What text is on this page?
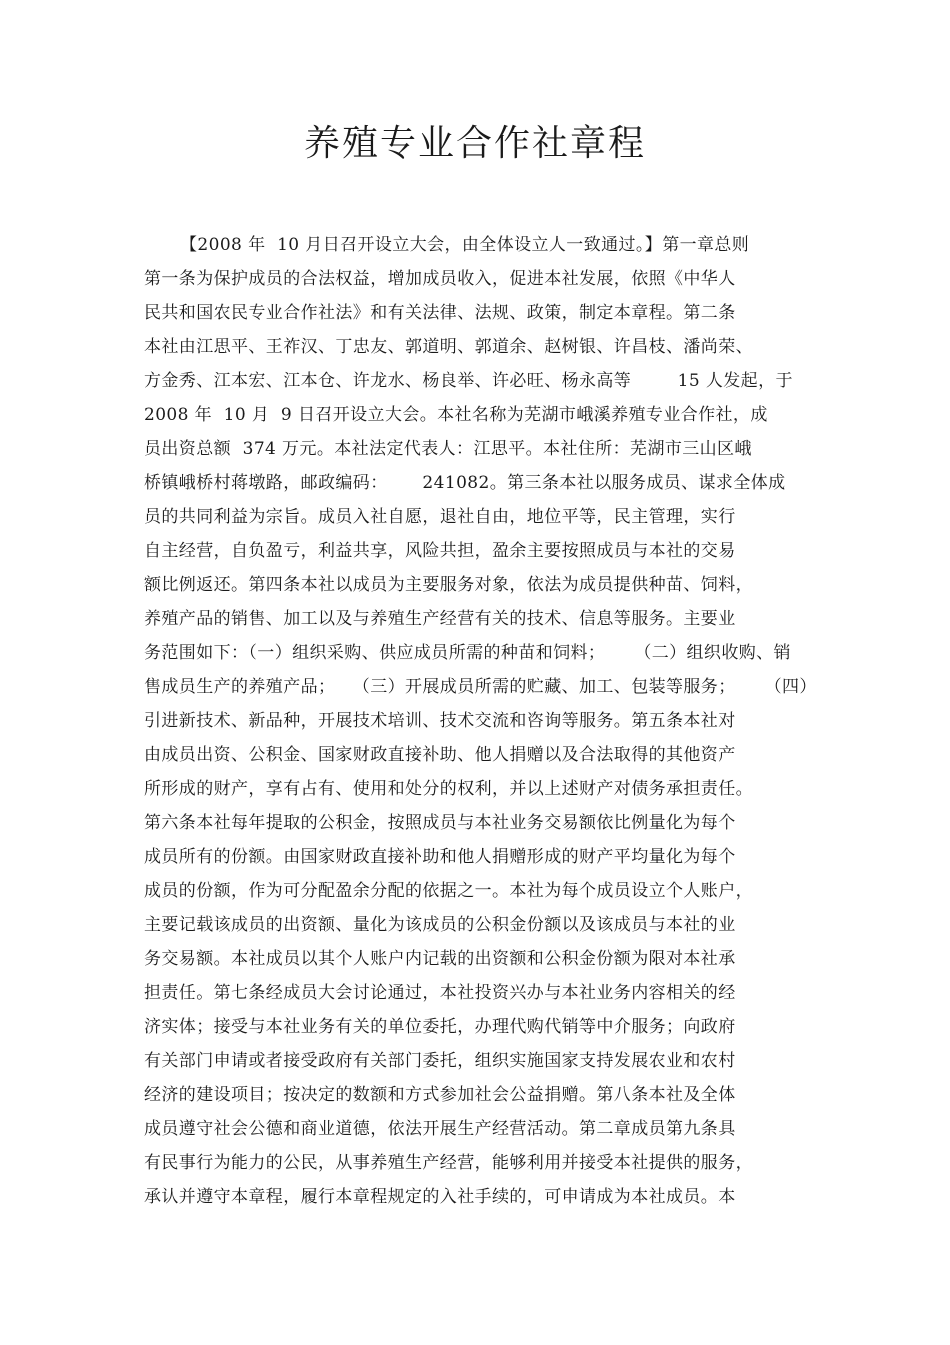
养殖专业合作社章程
【2008 年  10 月日召开设立大会，由全体设立人一致通过。】第一章总则
第一条为保护成员的合法权益，增加成员收入，促进本社发展，依照《中华人
民共和国农民专业合作社法》和有关法律、法规、政策，制定本章程。第二条
本社由江思平、王祚汉、丁忠友、郭道明、郭道余、赵树银、许昌枝、潘尚荣、
方金秀、江本宏、江本仓、许龙水、杨良举、许必旺、杨永高等        15 人发起，于
2008 年  10 月  9 日召开设立大会。本社名称为芜湖市峨溪养殖专业合作社，成
员出资总额  374 万元。本社法定代表人：江思平。本社住所：芜湖市三山区峨
桥镇峨桥村蒋墩路，邮政编码：      241082。第三条本社以服务成员、谋求全体成
员的共同利益为宗旨。成员入社自愿，退社自由，地位平等，民主管理，实行
自主经营，自负盈亏，利益共享，风险共担，盈余主要按照成员与本社的交易
额比例返还。第四条本社以成员为主要服务对象，依法为成员提供种苗、饲料，
养殖产品的销售、加工以及与养殖生产经营有关的技术、信息等服务。主要业
务范围如下：（一）组织采购、供应成员所需的种苗和饲料；     （二）组织收购、销
售成员生产的养殖产品；   （三）开展成员所需的贮藏、加工、包装等服务；     （四）
引进新技术、新品种，开展技术培训、技术交流和咨询等服务。第五条本社对
由成员出资、公积金、国家财政直接补助、他人捐赠以及合法取得的其他资产
所形成的财产，享有占有、使用和处分的权利，并以上述财产对债务承担责任。
第六条本社每年提取的公积金，按照成员与本社业务交易额依比例量化为每个
成员所有的份额。由国家财政直接补助和他人捐赠形成的财产平均量化为每个
成员的份额，作为可分配盈余分配的依据之一。本社为每个成员设立个人账户，
主要记载该成员的出资额、量化为该成员的公积金份额以及该成员与本社的业
务交易额。本社成员以其个人账户内记载的出资额和公积金份额为限对本社承
担责任。第七条经成员大会讨论通过，本社投资兴办与本社业务内容相关的经
济实体；接受与本社业务有关的单位委托，办理代购代销等中介服务；向政府
有关部门申请或者接受政府有关部门委托，组织实施国家支持发展农业和农村
经济的建设项目；按决定的数额和方式参加社会公益捐赠。第八条本社及全体
成员遵守社会公德和商业道德，依法开展生产经营活动。第二章成员第九条具
有民事行为能力的公民，从事养殖生产经营，能够利用并接受本社提供的服务，
承认并遵守本章程，履行本章程规定的入社手续的，可申请成为本社成员。本
